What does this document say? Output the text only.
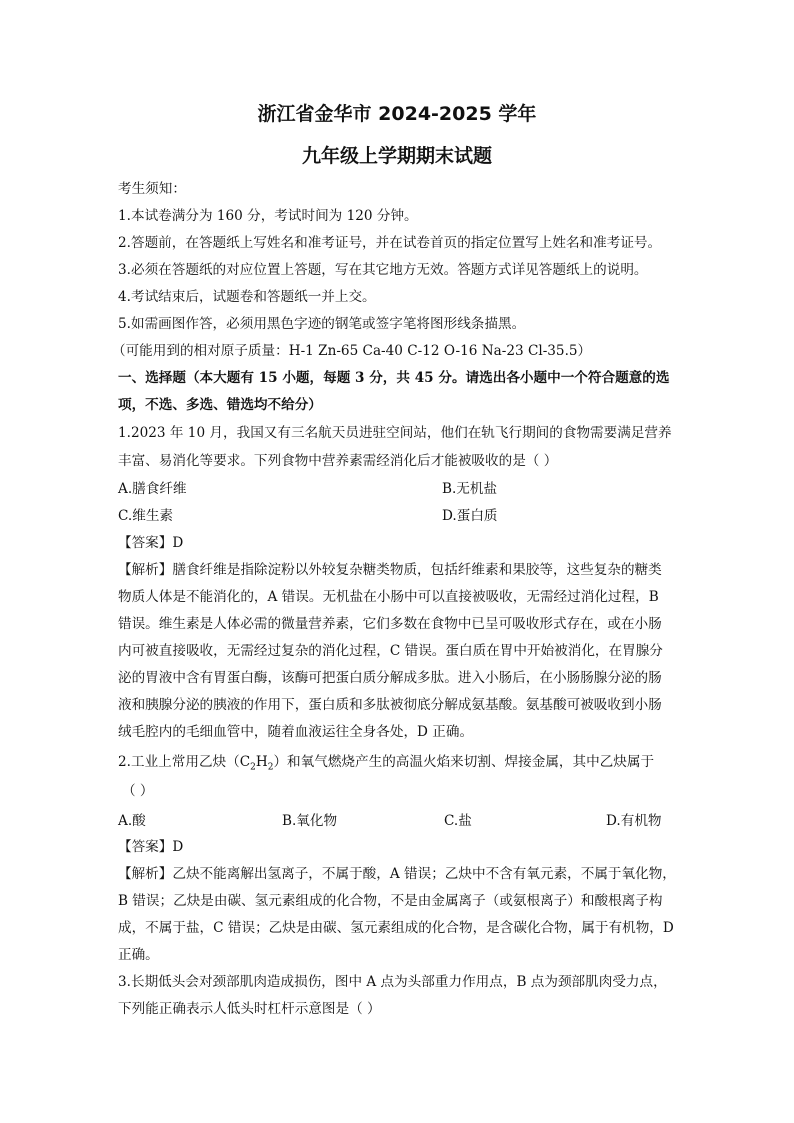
浙江省金华市 2024-2025 学年
九年级上学期期末试题
考生须知：
1.本试卷满分为 160 分，考试时间为 120 分钟。
2.答题前，在答题纸上写姓名和准考证号，并在试卷首页的指定位置写上姓名和准考证号。
3.必须在答题纸的对应位置上答题，写在其它地方无效。答题方式详见答题纸上的说明。
4.考试结束后，试题卷和答题纸一并上交。
5.如需画图作答，必须用黑色字迹的钢笔或签字笔将图形线条描黑。
（可能用到的相对原子质量：H-1 Zn-65 Ca-40 C-12 O-16 Na-23 Cl-35.5）
一、选择题（本大题有 15 小题，每题 3 分，共 45 分。请选出各小题中一个符合题意的选
项，不选、多选、错选均不给分）
1.2023 年 10 月，我国又有三名航天员进驻空间站，他们在轨飞行期间的食物需要满足营养
丰富、易消化等要求。下列食物中营养素需经消化后才能被吸收的是（ ）
A.膳食纤维	B.无机盐
C.维生素	D.蛋白质
【答案】D
【解析】膳食纤维是指除淀粉以外较复杂糖类物质，包括纤维素和果胶等，这些复杂的糖类
物质人体是不能消化的，A 错误。无机盐在小肠中可以直接被吸收，无需经过消化过程，B
错误。维生素是人体必需的微量营养素，它们多数在食物中已呈可吸收形式存在，或在小肠
内可被直接吸收，无需经过复杂的消化过程，C 错误。蛋白质在胃中开始被消化，在胃腺分
泌的胃液中含有胃蛋白酶，该酶可把蛋白质分解成多肽。进入小肠后，在小肠肠腺分泌的肠
液和胰腺分泌的胰液的作用下，蛋白质和多肽被彻底分解成氨基酸。氨基酸可被吸收到小肠
绒毛腔内的毛细血管中，随着血液运往全身各处，D 正确。
2.工业上常用乙炔$(C_2H_2)$和氧气燃烧产生的高温火焰来切割、焊接金属，其中乙炔属于
（ ）
A.酸	B.氧化物	C.盐	D.有机物
【答案】D
【解析】乙炔不能离解出氢离子，不属于酸，A 错误；乙炔中不含有氧元素，不属于氧化物，
B 错误；乙炔是由碳、氢元素组成的化合物，不是由金属离子（或氨根离子）和酸根离子构
成，不属于盐，C 错误；乙炔是由碳、氢元素组成的化合物，是含碳化合物，属于有机物，D
正确。
3.长期低头会对颈部肌肉造成损伤，图中 A 点为头部重力作用点，B 点为颈部肌肉受力点，
下列能正确表示人低头时杠杆示意图是（ ）
